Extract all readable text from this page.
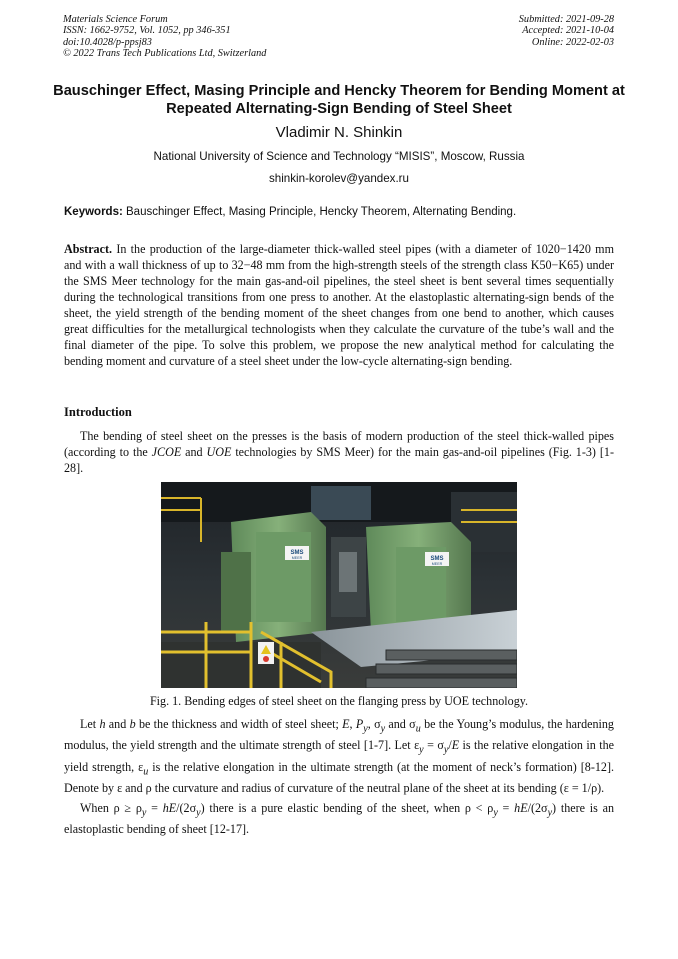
Materials Science Forum
ISSN: 1662-9752, Vol. 1052, pp 346-351
doi:10.4028/p-ppsj83
© 2022 Trans Tech Publications Ltd, Switzerland
Submitted: 2021-09-28
Accepted: 2021-10-04
Online: 2022-02-03
Bauschinger Effect, Masing Principle and Hencky Theorem for Bending Moment at Repeated Alternating-Sign Bending of Steel Sheet
Vladimir N. Shinkin
National University of Science and Technology “MISIS”, Moscow, Russia
shinkin-korolev@yandex.ru
Keywords: Bauschinger Effect, Masing Principle, Hencky Theorem, Alternating Bending.
Abstract. In the production of the large-diameter thick-walled steel pipes (with a diameter of 1020−1420 mm and with a wall thickness of up to 32−48 mm from the high-strength steels of the strength class K50−K65) under the SMS Meer technology for the main gas-and-oil pipelines, the steel sheet is bent several times sequentially during the technological transitions from one press to another. At the elastoplastic alternating-sign bends of the sheet, the yield strength of the bending moment of the sheet changes from one bend to another, which causes great difficulties for the metallurgical technologists when they calculate the curvature of the tube’s wall and the final diameter of the pipe. To solve this problem, we propose the new analytical method for calculating the bending moment and curvature of a steel sheet under the low-cycle alternating-sign bending.
Introduction
The bending of steel sheet on the presses is the basis of modern production of the steel thick-walled pipes (according to the JCOE and UOE technologies by SMS Meer) for the main gas-and-oil pipelines (Fig. 1-3) [1-28].
SMS
MEER	SMS
MEER
Fig. 1. Bending edges of steel sheet on the flanging press by UOE technology.
Let h and b be the thickness and width of steel sheet; E, $P_y$, $\sigma_y$ and $\sigma_u$ be the Young’s modulus, the hardening modulus, the yield strength and the ultimate strength of steel [1-7]. Let $\varepsilon_y = \sigma_y/E$ is the relative elongation in the yield strength, $\varepsilon_u$ is the relative elongation in the ultimate strength (at the moment of neck’s formation) [8-12]. Denote by ε and ρ the curvature and radius of curvature of the neutral plane of the sheet at its bending (ε = 1/ρ).
When $\rho \ge \rho_y = hE/(2\sigma_y)$ there is a pure elastic bending of the sheet, when $\rho < \rho_y = hE/(2\sigma_y)$ there is an elastoplastic bending of sheet [12-17].
